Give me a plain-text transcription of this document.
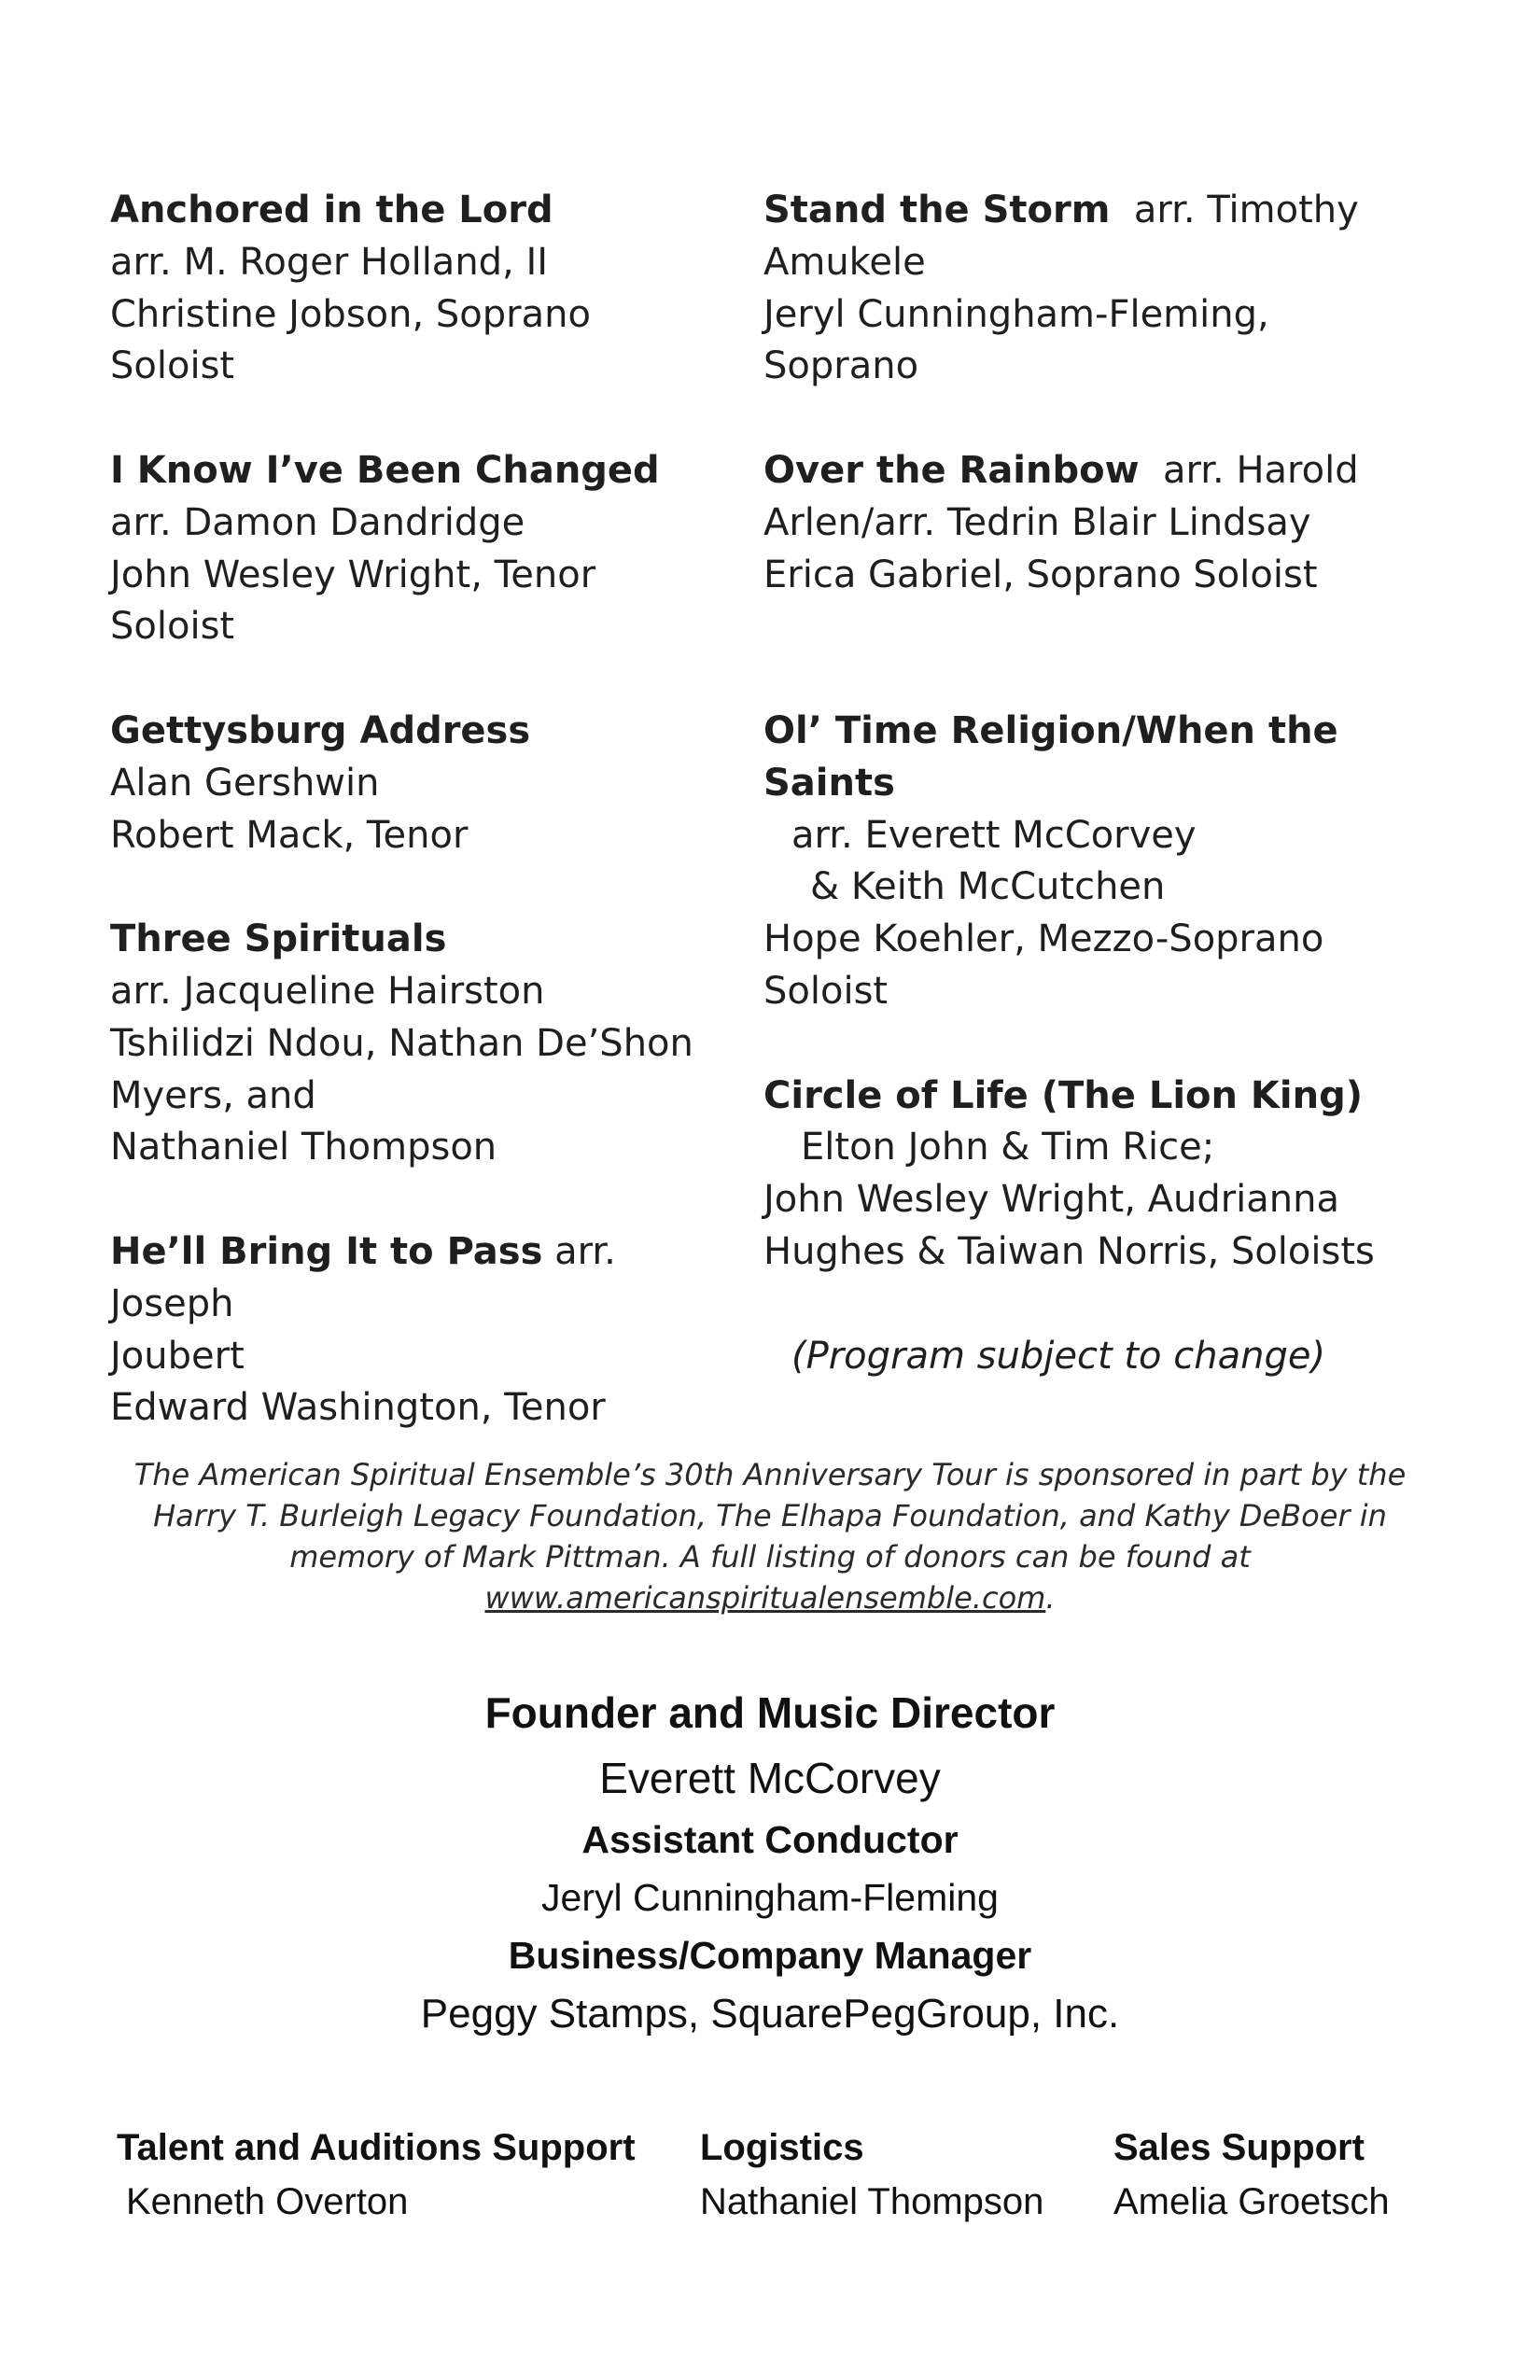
Anchored in the Lord
arr. M. Roger Holland, II
Christine Jobson, Soprano
Soloist
I Know I’ve Been Changed
arr. Damon Dandridge
John Wesley Wright, Tenor
Soloist
Gettysburg Address
Alan Gershwin
Robert Mack, Tenor
Three Spirituals
arr. Jacqueline Hairston
Tshilidzi Ndou, Nathan De’Shon
Myers, and
Nathaniel Thompson
He’ll Bring It to Pass arr. Joseph
Joubert
Edward Washington, Tenor
Stand the Storm  arr. Timothy
Amukele
Jeryl Cunningham-Fleming,
Soprano
Over the Rainbow  arr. Harold
Arlen/arr. Tedrin Blair Lindsay
Erica Gabriel, Soprano Soloist

Ol’ Time Religion/When the
Saints
arr. Everett McCorvey
& Keith McCutchen
Hope Koehler, Mezzo-Soprano
Soloist
Circle of Life (The Lion King)
Elton John & Tim Rice;
John Wesley Wright, Audrianna
Hughes & Taiwan Norris, Soloists
(Program subject to change)
The American Spiritual Ensemble’s 30th Anniversary Tour is sponsored in part by the Harry T. Burleigh Legacy Foundation, The Elhapa Foundation, and Kathy DeBoer in memory of Mark Pittman. A full listing of donors can be found at www.americanspiritualensemble.com.
Founder and Music Director
Everett McCorvey
Assistant Conductor
Jeryl Cunningham-Fleming
Business/Company Manager
Peggy Stamps, SquarePegGroup, Inc.
Talent and Auditions Support
Kenneth Overton
Logistics
Nathaniel Thompson
Sales Support
Amelia Groetsch
